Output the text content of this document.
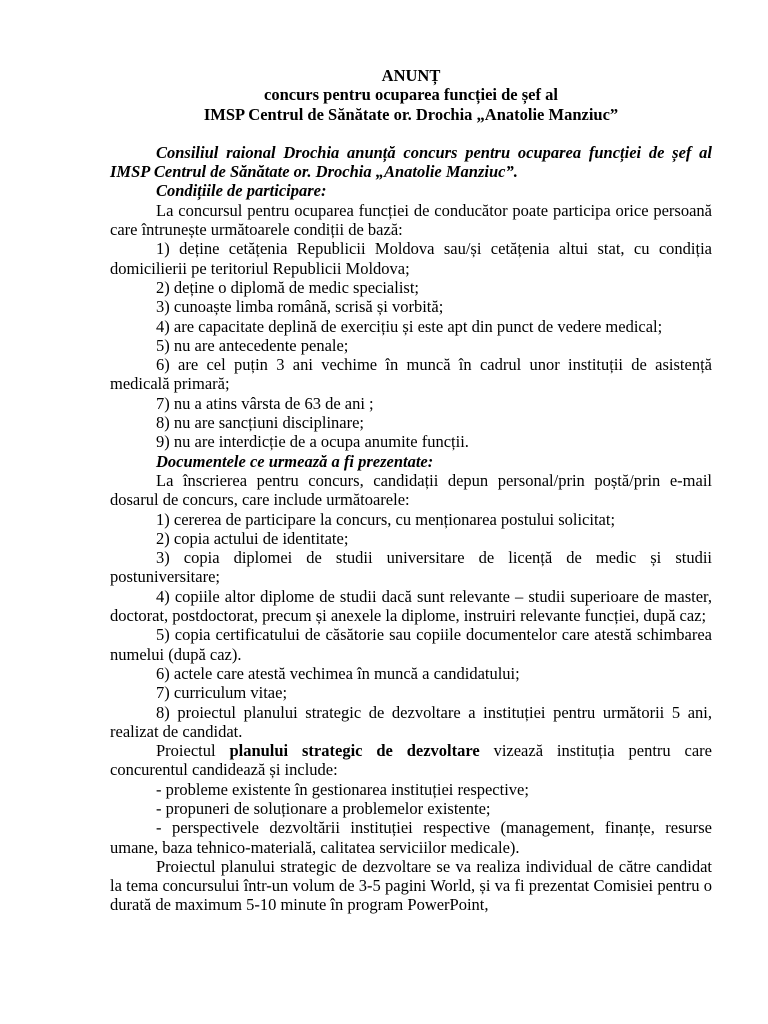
ANUNȚ
concurs pentru ocuparea funcției de șef al
IMSP Centrul de Sănătate or. Drochia „Anatolie Manziuc”

Consiliul raional Drochia anunță concurs pentru ocuparea funcției de șef al IMSP Centrul de Sănătate or. Drochia „Anatolie Manziuc”.

Condițiile de participare:

La concursul pentru ocuparea funcției de conducător poate participa orice persoană care întrunește următoarele condiții de bază:

1) deține cetățenia Republicii Moldova sau/și cetățenia altui stat, cu condiția domicilierii pe teritoriul Republicii Moldova;

2) deține o diplomă de medic specialist;

3) cunoaște limba română, scrisă și vorbită;

4) are capacitate deplină de exercițiu și este apt din punct de vedere medical;

5) nu are antecedente penale;

6) are cel puțin 3 ani vechime în muncă în cadrul unor instituții de asistență medicală primară;

7) nu a atins vârsta de 63 de ani ;

8) nu are sancțiuni disciplinare;

9) nu are interdicție de a ocupa anumite funcții.

Documentele ce urmează a fi prezentate:

La înscrierea pentru concurs, candidații depun personal/prin poștă/prin e-mail dosarul de concurs, care include următoarele:

1) cererea de participare la concurs, cu menționarea postului solicitat;

2) copia actului de identitate;

3) copia diplomei de studii universitare de licență de medic și studii postuniversitare;

4) copiile altor diplome de studii dacă sunt relevante – studii superioare de master, doctorat, postdoctorat, precum și anexele la diplome, instruiri relevante funcției, după caz;

5) copia certificatului de căsătorie sau copiile documentelor care atestă schimbarea numelui (după caz).

6) actele care atestă vechimea în muncă a candidatului;

7) curriculum vitae;

8) proiectul planului strategic de dezvoltare a instituției pentru următorii 5 ani, realizat de candidat.

Proiectul planului strategic de dezvoltare vizează instituția pentru care concurentul candidează și include:

- probleme existente în gestionarea instituției respective;

- propuneri de soluționare a problemelor existente;

- perspectivele dezvoltării instituției respective (management, finanțe, resurse umane, baza tehnico-materială, calitatea serviciilor medicale).

Proiectul planului strategic de dezvoltare se va realiza individual de către candidat la tema concursului într-un volum de 3-5 pagini World, și va fi prezentat Comisiei pentru o durată de maximum 5-10 minute în program PowerPoint,
